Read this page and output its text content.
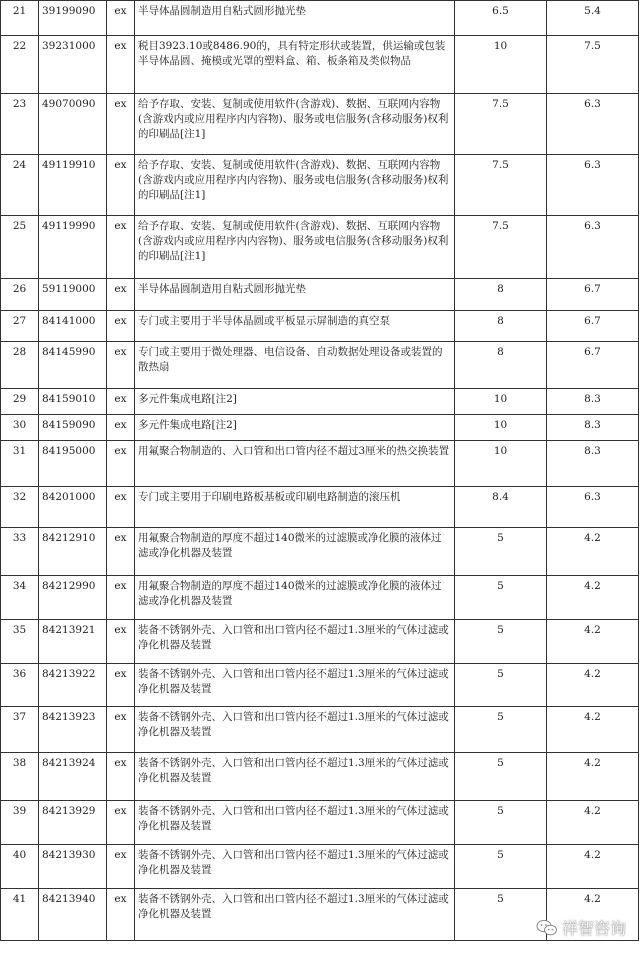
21	39199090	ex	半导体晶圆制造用自粘式圆形抛光垫	6.5	5.4
22	39231000	ex	税目3923.10或8486.90的，具有特定形状或装置，供运输或包装半导体晶圆、掩模或光罩的塑料盒、箱、板条箱及类似物品	10	7.5
23	49070090	ex	给予存取、安装、复制或使用软件(含游戏)、数据、互联网内容物(含游戏内或应用程序内内容物)、服务或电信服务(含移动服务)权利的印刷品[注1]	7.5	6.3
24	49119910	ex	给予存取、安装、复制或使用软件(含游戏)、数据、互联网内容物(含游戏内或应用程序内内容物)、服务或电信服务(含移动服务)权利的印刷品[注1]	7.5	6.3
25	49119990	ex	给予存取、安装、复制或使用软件(含游戏)、数据、互联网内容物(含游戏内或应用程序内内容物)、服务或电信服务(含移动服务)权利的印刷品[注1]	7.5	6.3
26	59119000	ex	半导体晶圆制造用自粘式圆形抛光垫	8	6.7
27	84141000	ex	专门或主要用于半导体晶圆或平板显示屏制造的真空泵	8	6.7
28	84145990	ex	专门或主要用于微处理器、电信设备、自动数据处理设备或装置的散热扇	8	6.7
29	84159010	ex	多元件集成电路[注2]	10	8.3
30	84159090	ex	多元件集成电路[注2]	10	8.3
31	84195000	ex	用氟聚合物制造的、入口管和出口管内径不超过3厘米的热交换装置	10	8.3
32	84201000	ex	专门或主要用于印刷电路板基板或印刷电路制造的滚压机	8.4	6.3
33	84212910	ex	用氟聚合物制造的厚度不超过140微米的过滤膜或净化膜的液体过滤或净化机器及装置	5	4.2
34	84212990	ex	用氟聚合物制造的厚度不超过140微米的过滤膜或净化膜的液体过滤或净化机器及装置	5	4.2
35	84213921	ex	装备不锈钢外壳、入口管和出口管内径不超过1.3厘米的气体过滤或净化机器及装置	5	4.2
36	84213922	ex	装备不锈钢外壳、入口管和出口管内径不超过1.3厘米的气体过滤或净化机器及装置	5	4.2
37	84213923	ex	装备不锈钢外壳、入口管和出口管内径不超过1.3厘米的气体过滤或净化机器及装置	5	4.2
38	84213924	ex	装备不锈钢外壳、入口管和出口管内径不超过1.3厘米的气体过滤或净化机器及装置	5	4.2
39	84213929	ex	装备不锈钢外壳、入口管和出口管内径不超过1.3厘米的气体过滤或净化机器及装置	5	4.2
40	84213930	ex	装备不锈钢外壳、入口管和出口管内径不超过1.3厘米的气体过滤或净化机器及装置	5	4.2
41	84213940	ex	装备不锈钢外壳、入口管和出口管内径不超过1.3厘米的气体过滤或净化机器及装置	5	4.2
祥智咨询
